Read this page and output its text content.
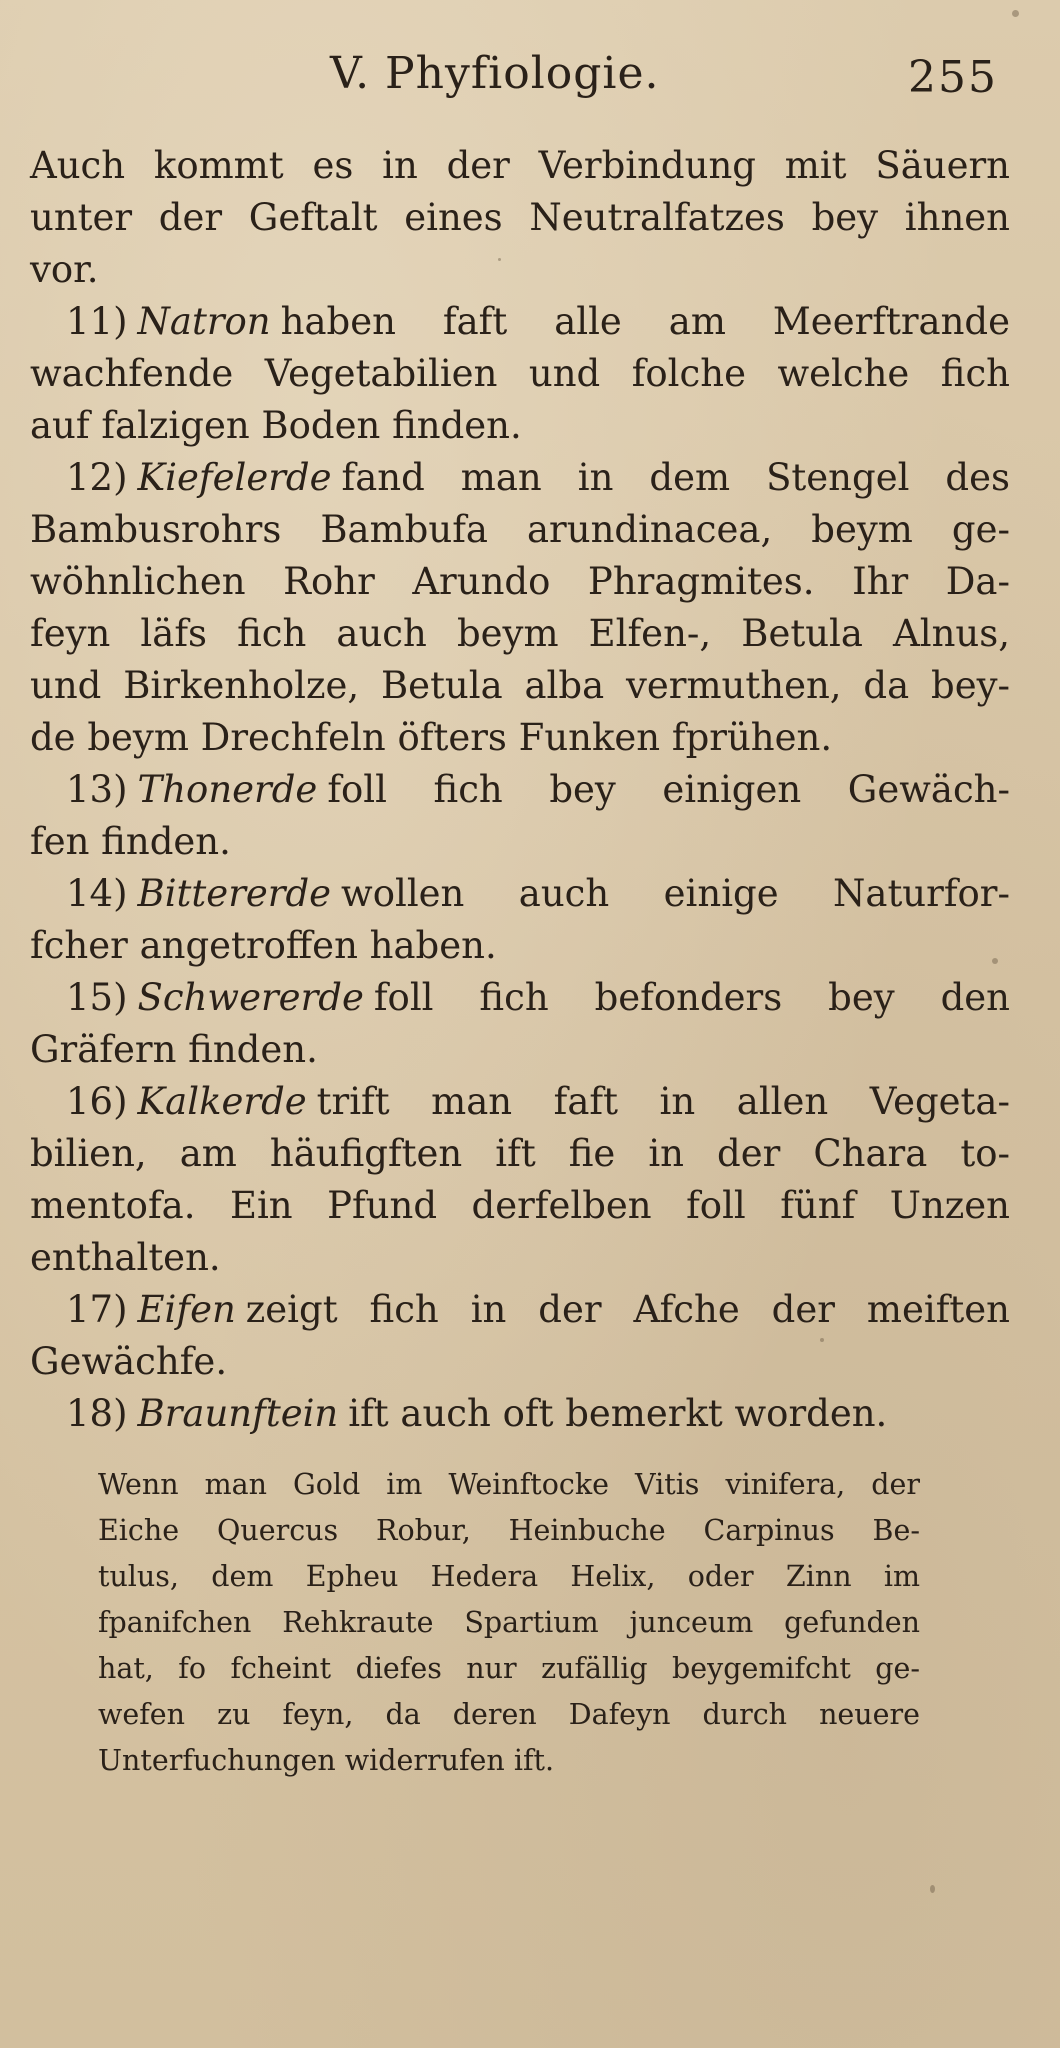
V. Phyfiologie.	255
Auch kommt es in der Verbindung mit Säuern
unter der Geftalt eines Neutralfatzes bey ihnen
vor.
11) Natron haben faft alle am Meerftrande
wachfende Vegetabilien und folche welche fich
auf falzigen Boden finden.
12) Kiefelerde fand man in dem Stengel des
Bambusrohrs Bambufa arundinacea, beym ge-
wöhnlichen Rohr Arundo Phragmites. Ihr Da-
feyn läfs fich auch beym Elfen-, Betula Alnus,
und Birkenholze, Betula alba vermuthen, da bey-
de beym Drechfeln öfters Funken fprühen.
13) Thonerde foll fich bey einigen Gewäch-
fen finden.
14) Bittererde wollen auch einige Naturfor-
fcher angetroffen haben.
15) Schwererde foll fich befonders bey den
Gräfern finden.
16) Kalkerde trift man faft in allen Vegeta-
bilien, am häufigften ift fie in der Chara to-
mentofa. Ein Pfund derfelben foll fünf Unzen
enthalten.
17) Eifen zeigt fich in der Afche der meiften
Gewächfe.
18) Braunftein ift auch oft bemerkt worden.
Wenn man Gold im Weinftocke Vitis vinifera, der
Eiche Quercus Robur, Heinbuche Carpinus Be-
tulus, dem Epheu Hedera Helix, oder Zinn im
fpanifchen Rehkraute Spartium junceum gefunden
hat, fo fcheint diefes nur zufällig beygemifcht ge-
wefen zu feyn, da deren Dafeyn durch neuere
Unterfuchungen widerrufen ift.
